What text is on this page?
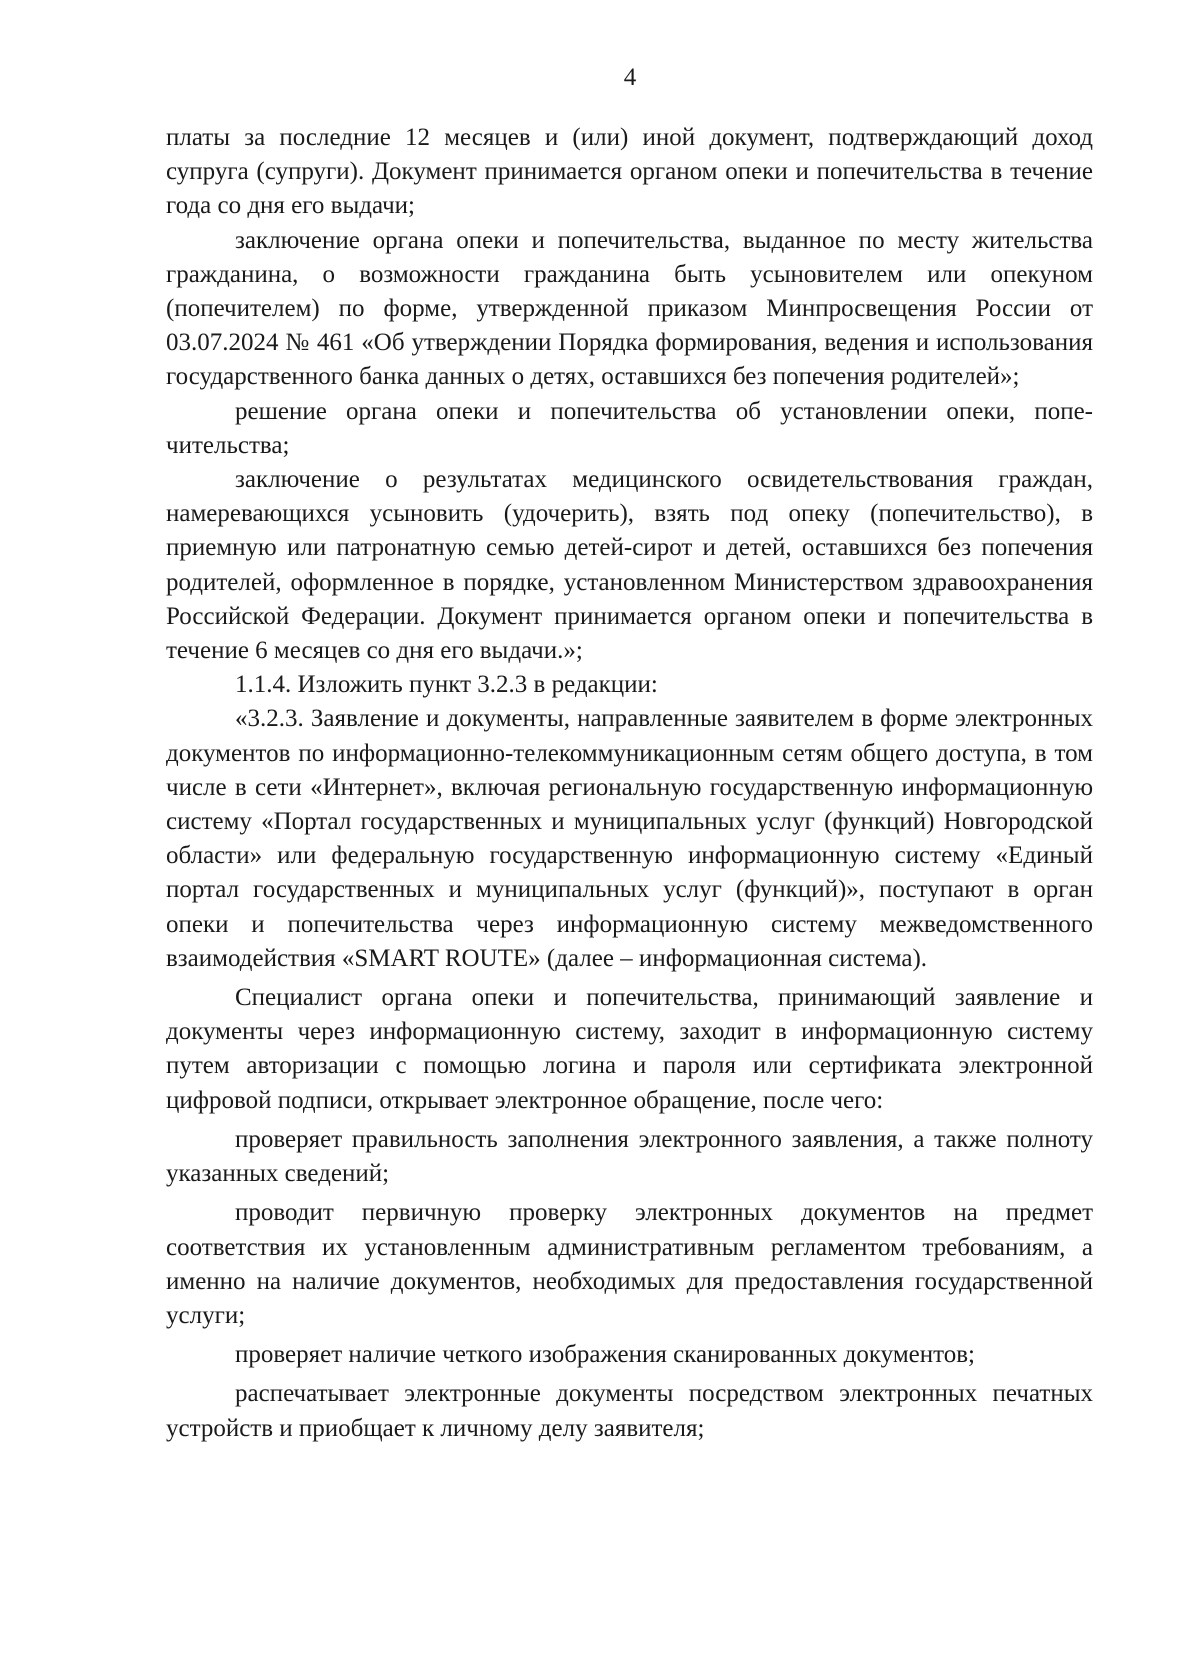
4

платы за последние 12 месяцев и (или) иной документ, подтверждающий доход супруга (супруги). Документ принимается органом опеки и попечительства в течение года со дня его выдачи;

заключение органа опеки и попечительства, выданное по месту жительства гражданина, о возможности гражданина быть усыновителем или опекуном (попечителем) по форме, утвержденной приказом Минпросвещения России от 03.07.2024 № 461 «Об утверждении Порядка формирования, ведения и использования государственного банка данных о детях, оставшихся без попечения родителей»;

решение органа опеки и попечительства об установлении опеки, попечительства;

заключение о результатах медицинского освидетельствования граждан, намеревающихся усыновить (удочерить), взять под опеку (попечительство), в приемную или патронатную семью детей-сирот и детей, оставшихся без попечения родителей, оформленное в порядке, установленном Министерством здравоохранения Российской Федерации. Документ принимается органом опеки и попечительства в течение 6 месяцев со дня его выдачи.»;

1.1.4. Изложить пункт 3.2.3 в редакции:

«3.2.3. Заявление и документы, направленные заявителем в форме электронных документов по информационно-телекоммуникационным сетям общего доступа, в том числе в сети «Интернет», включая региональную государственную информационную систему «Портал государственных и муниципальных услуг (функций) Новгородской области» или федеральную государственную информационную систему «Единый портал государственных и муниципальных услуг (функций)», поступают в орган опеки и попечительства через информационную систему межведомственного взаимодействия «SMART ROUTE» (далее – информационная система).

Специалист органа опеки и попечительства, принимающий заявление и документы через информационную систему, заходит в информационную систему путем авторизации с помощью логина и пароля или сертификата электронной цифровой подписи, открывает электронное обращение, после чего:

проверяет правильность заполнения электронного заявления, а также полноту указанных сведений;

проводит первичную проверку электронных документов на предмет соответствия их установленным административным регламентом требованиям, а именно на наличие документов, необходимых для предоставления государственной услуги;

проверяет наличие четкого изображения сканированных документов;

распечатывает электронные документы посредством электронных печатных устройств и приобщает к личному делу заявителя;
